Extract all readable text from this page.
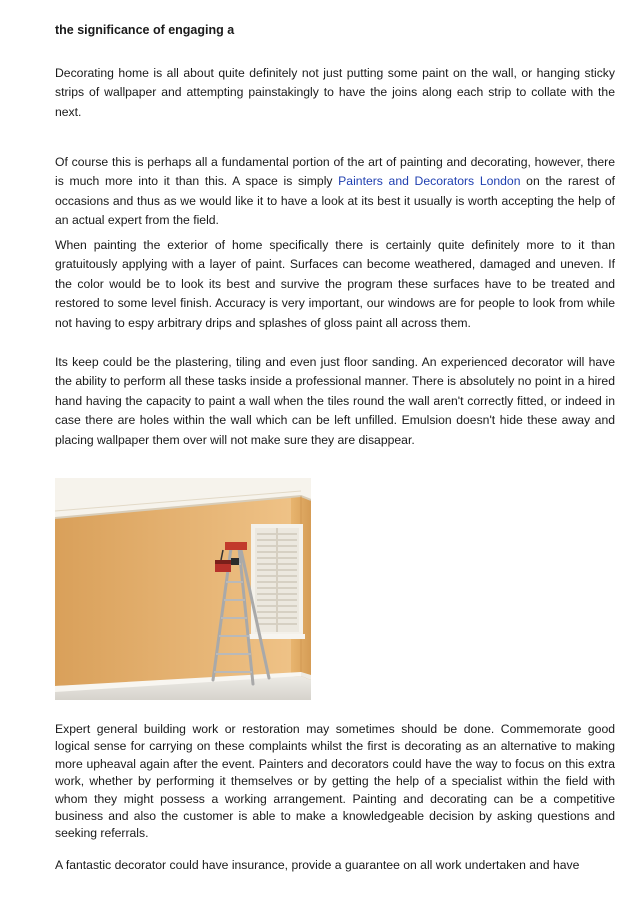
the significance of engaging a

Decorating home is all about quite definitely not just putting some paint on the wall, or hanging sticky strips of wallpaper and attempting painstakingly to have the joins along each strip to collate with the next.

Of course this is perhaps all a fundamental portion of the art of painting and decorating, however, there is much more into it than this. A space is simply Painters and Decorators London on the rarest of occasions and thus as we would like it to have a look at its best it usually is worth accepting the help of an actual expert from the field.

When painting the exterior of home specifically there is certainly quite definitely more to it than gratuitously applying with a layer of paint. Surfaces can become weathered, damaged and uneven. If the color would be to look its best and survive the program these surfaces have to be treated and restored to some level finish. Accuracy is very important, our windows are for people to look from while not having to espy arbitrary drips and splashes of gloss paint all across them.

Its keep could be the plastering, tiling and even just floor sanding. An experienced decorator will have the ability to perform all these tasks inside a professional manner. There is absolutely no point in a hired hand having the capacity to paint a wall when the tiles round the wall aren't correctly fitted, or indeed in case there are holes within the wall which can be left unfilled. Emulsion doesn't hide these away and placing wallpaper them over will not make sure they are disappear.

Expert general building work or restoration may sometimes should be done. Commemorate good logical sense for carrying on these complaints whilst the first is decorating as an alternative to making more upheaval again after the event. Painters and decorators could have the way to focus on this extra work, whether by performing it themselves or by getting the help of a specialist within the field with whom they might possess a working arrangement. Painting and decorating can be a competitive business and also the customer is able to make a knowledgeable decision by asking questions and seeking referrals.

A fantastic decorator could have insurance, provide a guarantee on all work undertaken and have
